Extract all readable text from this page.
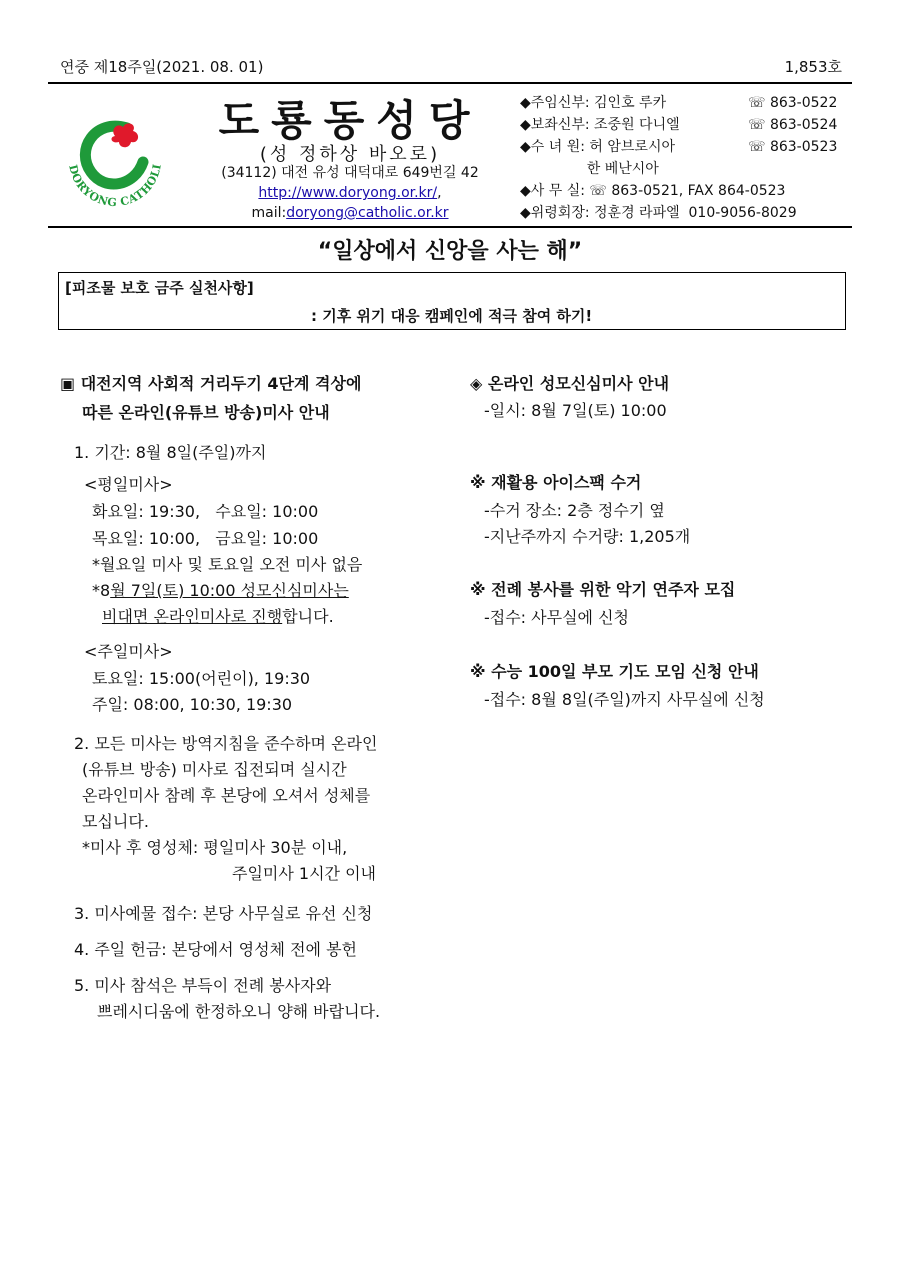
연중 제18주일(2021. 08. 01)	1,853호
DORYONG CATHOLI
도룡동성당
(성 정하상 바오로)
(34112) 대전 유성 대덕대로 649번길 42
http://www.doryong.or.kr/,
mail:doryong@catholic.or.kr
◆주임신부: 김인호 루카	☏ 863-0522
◆보좌신부: 조중원 다니엘	☏ 863-0524
◆수 녀 원: 허 암브로시아	☏ 863-0523
한 베난시아
◆사 무 실: ☏ 863-0521, FAX 864-0523
◆위령회장: 정훈경 라파엘  010-9056-8029
“일상에서 신앙을 사는 해”
[피조물 보호 금주 실천사항]
: 기후 위기 대응 캠페인에 적극 참여 하기!
▣ 대전지역 사회적 거리두기 4단계 격상에
따른 온라인(유튜브 방송)미사 안내
1. 기간: 8월 8일(주일)까지
<평일미사>
화요일: 19:30,   수요일: 10:00
목요일: 10:00,   금요일: 10:00
*월요일 미사 및 토요일 오전 미사 없음
*8월 7일(토) 10:00 성모신심미사는
비대면 온라인미사로 진행합니다.
<주일미사>
토요일: 15:00(어린이), 19:30
주일: 08:00, 10:30, 19:30
2. 모든 미사는 방역지침을 준수하며 온라인
(유튜브 방송) 미사로 집전되며 실시간
온라인미사 참례 후 본당에 오셔서 성체를
모십니다.
*미사 후 영성체: 평일미사 30분 이내,
주일미사 1시간 이내
3. 미사예물 접수: 본당 사무실로 유선 신청
4. 주일 헌금: 본당에서 영성체 전에 봉헌
5. 미사 참석은 부득이 전례 봉사자와
쁘레시디움에 한정하오니 양해 바랍니다.
◈ 온라인 성모신심미사 안내
-일시: 8월 7일(토) 10:00
※ 재활용 아이스팩 수거
-수거 장소: 2층 정수기 옆
-지난주까지 수거량: 1,205개
※ 전례 봉사를 위한 악기 연주자 모집
-접수: 사무실에 신청
※ 수능 100일 부모 기도 모임 신청 안내
-접수: 8월 8일(주일)까지 사무실에 신청
